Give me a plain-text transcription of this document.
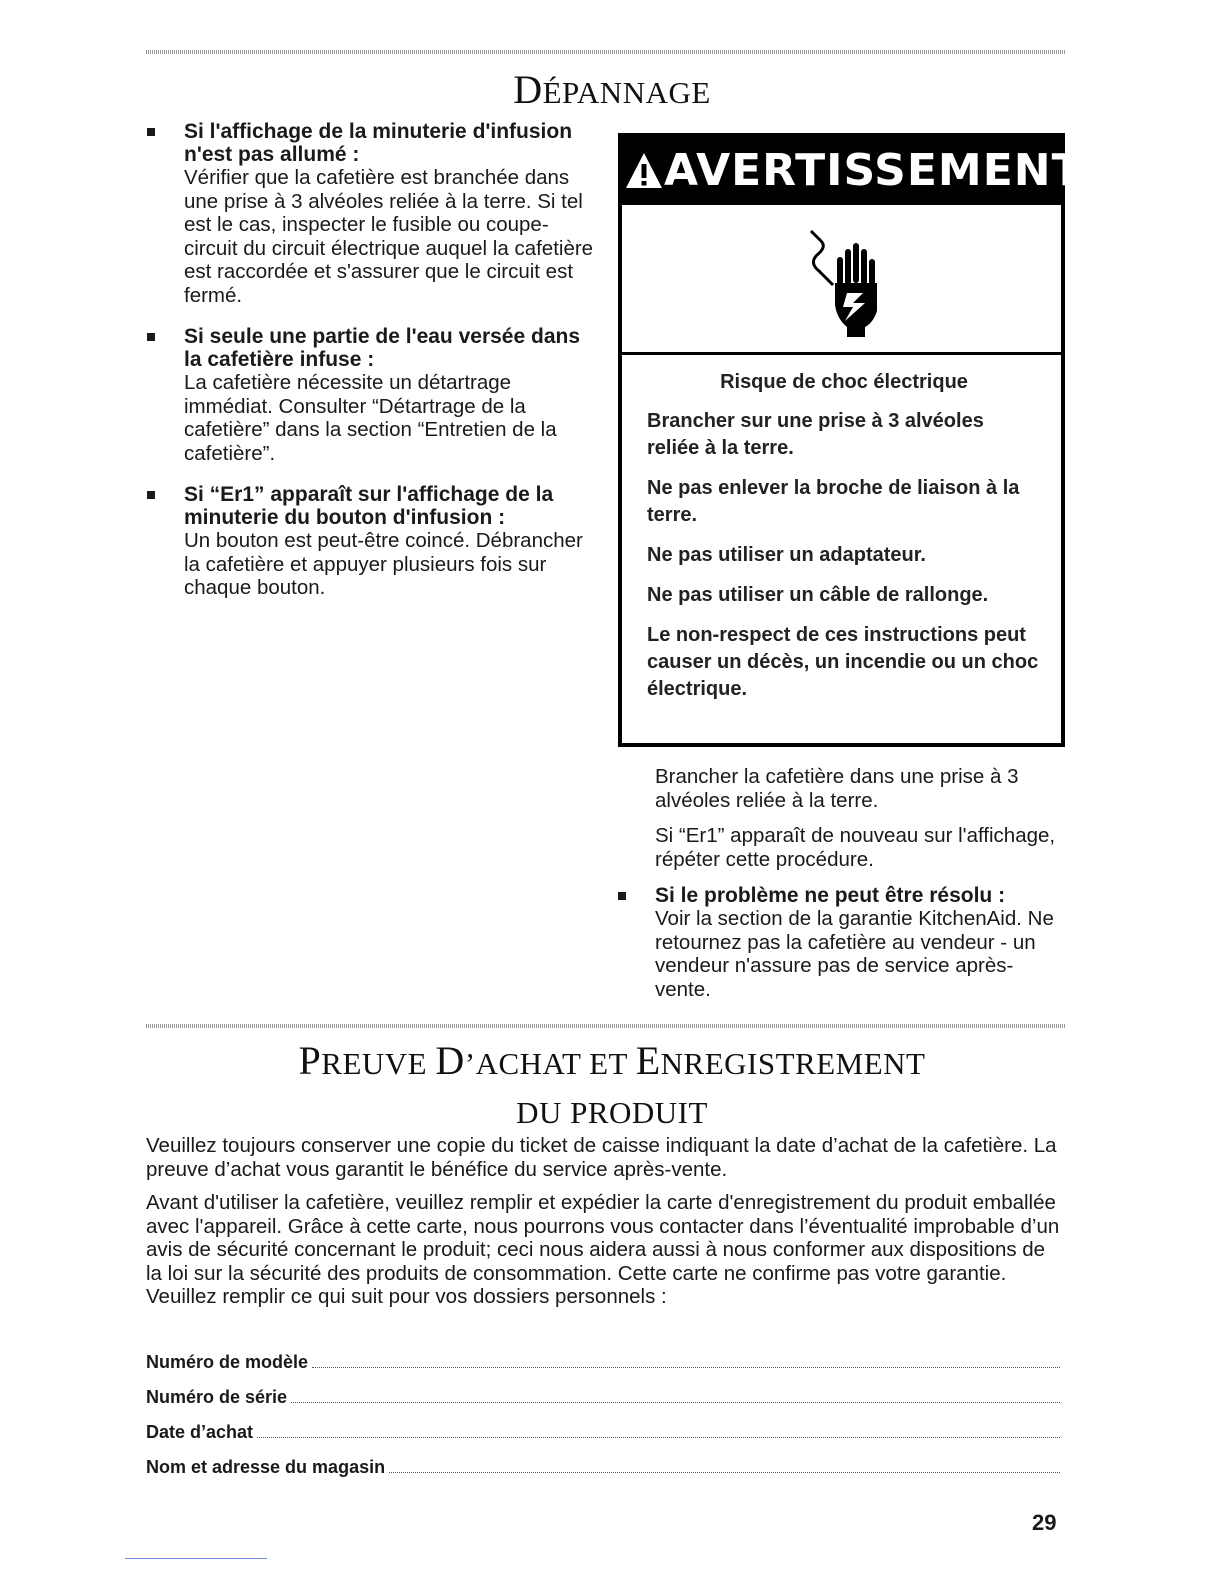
DÉPANNAGE
Si l'affichage de la minuterie d'infusion n'est pas allumé :
Vérifier que la cafetière est branchée dans une prise à 3 alvéoles reliée à la terre. Si tel est le cas, inspecter le fusible ou coupe-circuit du circuit électrique auquel la cafetière est raccordée et s'assurer que le circuit est fermé.
Si seule une partie de l'eau versée dans la cafetière infuse :
La cafetière nécessite un détartrage immédiat. Consulter “Détartrage de la cafetière” dans la section “Entretien de la cafetière”.
Si “Er1” apparaît sur l'affichage de la minuterie du bouton d'infusion :
Un bouton est peut-être coincé. Débrancher la cafetière et appuyer plusieurs fois sur chaque bouton.
AVERTISSEMENT

Risque de choc électrique

Brancher sur une prise à 3 alvéoles reliée à la terre.

Ne pas enlever la broche de liaison à la terre.

Ne pas utiliser un adaptateur.

Ne pas utiliser un câble de rallonge.

Le non-respect de ces instructions peut causer un décès, un incendie ou un choc électrique.

Brancher la cafetière dans une prise à 3 alvéoles reliée à la terre.

Si “Er1” apparaît de nouveau sur l'affichage, répéter cette procédure.

Si le problème ne peut être résolu :
Voir la section de la garantie KitchenAid. Ne retournez pas la cafetière au vendeur - un vendeur n'assure pas de service après-vente.
PREUVE D’ACHAT ET ENREGISTREMENT
DU PRODUIT

Veuillez toujours conserver une copie du ticket de caisse indiquant la date d’achat de la cafetière. La preuve d’achat vous garantit le bénéfice du service après-vente.

Avant d'utiliser la cafetière, veuillez remplir et expédier la carte d'enregistrement du produit emballée avec l'appareil. Grâce à cette carte, nous pourrons vous contacter dans l’éventualité improbable d’un avis de sécurité concernant le produit; ceci nous aidera aussi à nous conformer aux dispositions de la loi sur la sécurité des produits de consommation. Cette carte ne confirme pas votre garantie. Veuillez remplir ce qui suit pour vos dossiers personnels :

Numéro de modèle
Numéro de série
Date d’achat
Nom et adresse du magasin
29
